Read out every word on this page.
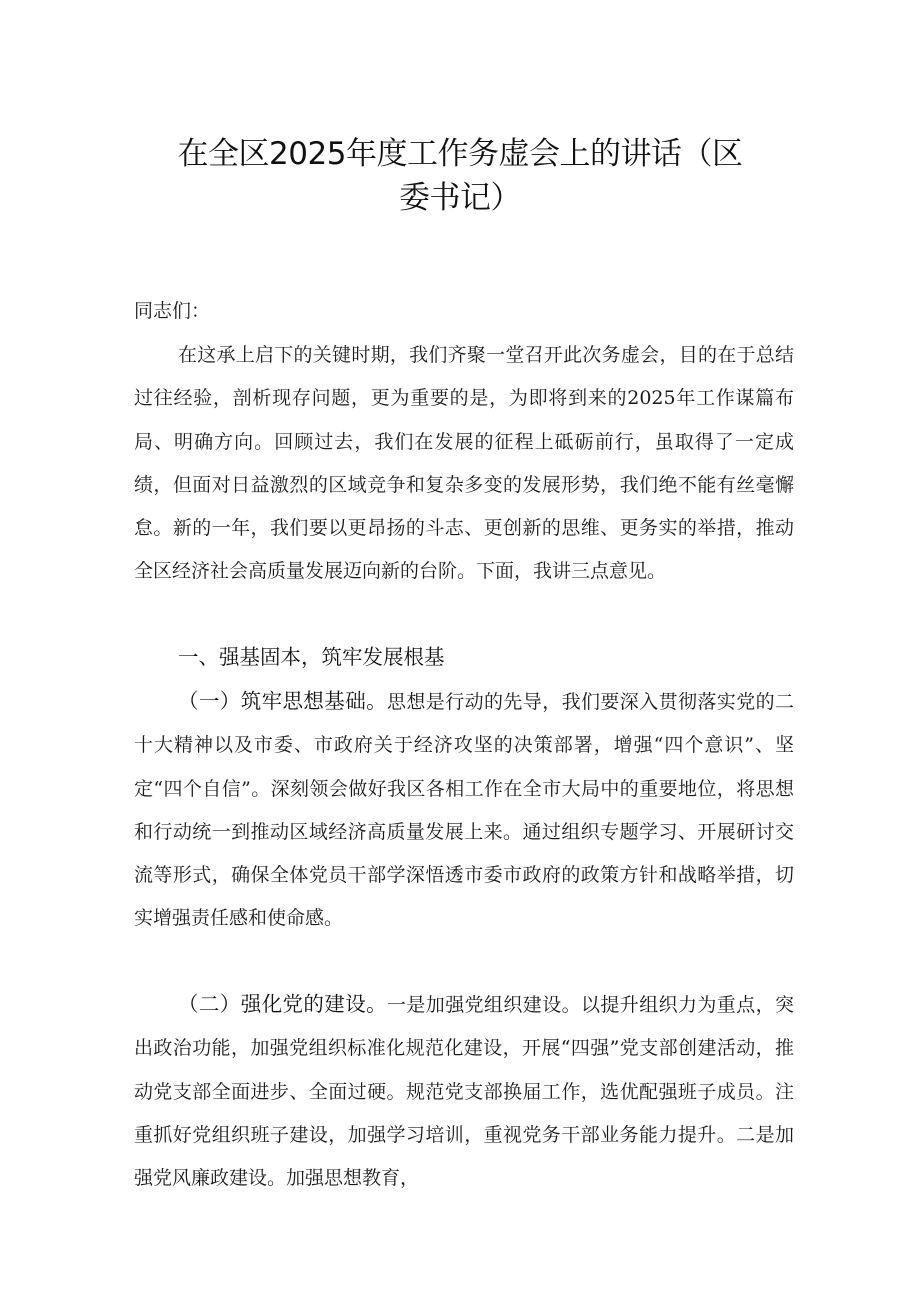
在全区2025年度工作务虚会上的讲话（区
委书记）
同志们：
在这承上启下的关键时期，我们齐聚一堂召开此次务虚会，目的在于总结过往经验，剖析现存问题，更为重要的是，为即将到来的2025年工作谋篇布局、明确方向。回顾过去，我们在发展的征程上砥砺前行，虽取得了一定成绩，但面对日益激烈的区域竞争和复杂多变的发展形势，我们绝不能有丝毫懈怠。新的一年，我们要以更昂扬的斗志、更创新的思维、更务实的举措，推动全区经济社会高质量发展迈向新的台阶。下面，我讲三点意见。
一、强基固本，筑牢发展根基
（一）筑牢思想基础。思想是行动的先导，我们要深入贯彻落实党的二十大精神以及市委、市政府关于经济攻坚的决策部署，增强“四个意识”、坚定“四个自信”。深刻领会做好我区各相工作在全市大局中的重要地位，将思想和行动统一到推动区域经济高质量发展上来。通过组织专题学习、开展研讨交流等形式，确保全体党员干部学深悟透市委市政府的政策方针和战略举措，切实增强责任感和使命感。
（二）强化党的建设。一是加强党组织建设。以提升组织力为重点，突出政治功能，加强党组织标准化规范化建设，开展“四强”党支部创建活动，推动党支部全面进步、全面过硬。规范党支部换届工作，选优配强班子成员。注重抓好党组织班子建设，加强学习培训，重视党务干部业务能力提升。二是加强党风廉政建设。加强思想教育，
